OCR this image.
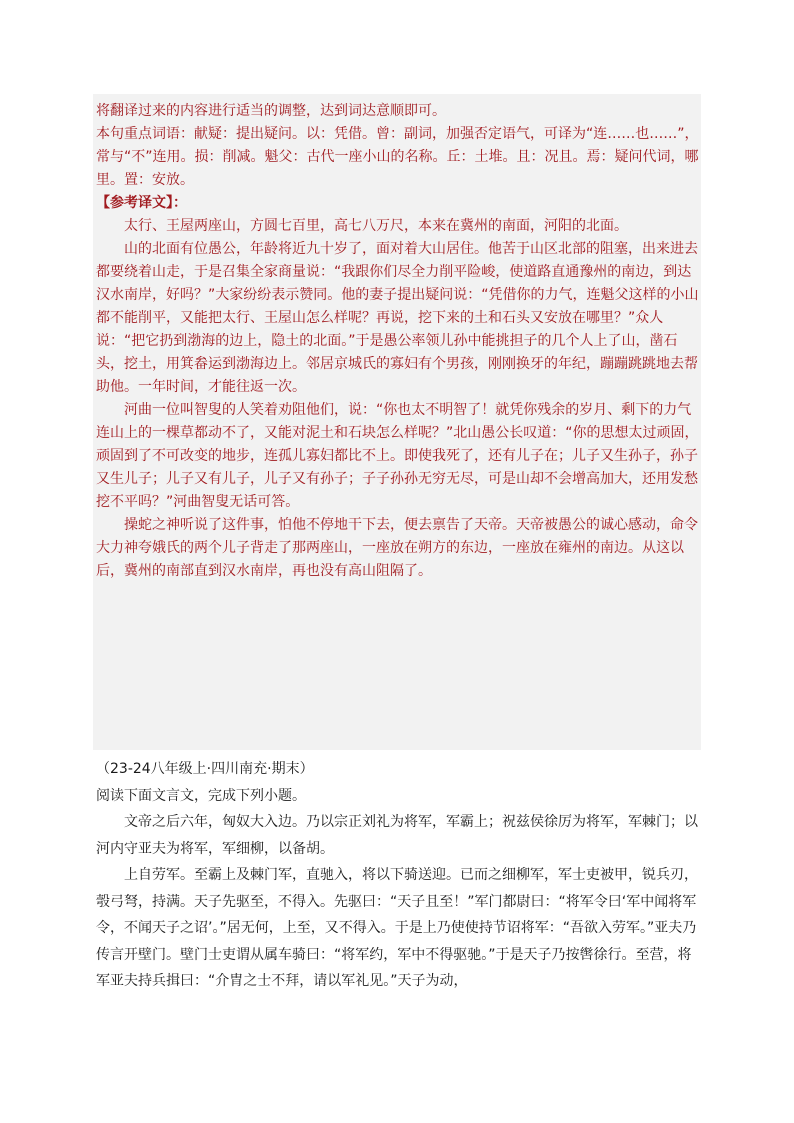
将翻译过来的内容进行适当的调整，达到词达意顺即可。

本句重点词语：献疑：提出疑问。以：凭借。曾：副词，加强否定语气，可译为“连……也……”，常与“不”连用。损：削减。魁父：古代一座小山的名称。丘：土堆。且：况且。焉：疑问代词，哪里。置：安放。

【参考译文】：

太行、王屋两座山，方圆七百里，高七八万尺，本来在冀州的南面，河阳的北面。

山的北面有位愚公，年龄将近九十岁了，面对着大山居住。他苦于山区北部的阻塞，出来进去都要绕着山走，于是召集全家商量说：“我跟你们尽全力削平险峻，使道路直通豫州的南边，到达汉水南岸，好吗？”大家纷纷表示赞同。他的妻子提出疑问说：“凭借你的力气，连魁父这样的小山都不能削平，又能把太行、王屋山怎么样呢？再说，挖下来的土和石头又安放在哪里？”众人说：“把它扔到渤海的边上，隐土的北面。”于是愚公率领儿孙中能挑担子的几个人上了山，凿石头，挖土，用箕畚运到渤海边上。邻居京城氏的寡妇有个男孩，刚刚换牙的年纪，蹦蹦跳跳地去帮助他。一年时间，才能往返一次。

河曲一位叫智叟的人笑着劝阻他们，说：“你也太不明智了！就凭你残余的岁月、剩下的力气连山上的一棵草都动不了，又能对泥土和石块怎么样呢？”北山愚公长叹道：“你的思想太过顽固，顽固到了不可改变的地步，连孤儿寡妇都比不上。即使我死了，还有儿子在；儿子又生孙子，孙子又生儿子；儿子又有儿子，儿子又有孙子；子子孙孙无穷无尽，可是山却不会增高加大，还用发愁挖不平吗？”河曲智叟无话可答。

操蛇之神听说了这件事，怕他不停地干下去，便去禀告了天帝。天帝被愚公的诚心感动，命令大力神夸娥氏的两个儿子背走了那两座山，一座放在朔方的东边，一座放在雍州的南边。从这以后，冀州的南部直到汉水南岸，再也没有高山阻隔了。

（23-24八年级上·四川南充·期末）

阅读下面文言文，完成下列小题。

文帝之后六年，匈奴大入边。乃以宗正刘礼为将军，军霸上；祝兹侯徐厉为将军，军棘门；以河内守亚夫为将军，军细柳，以备胡。

上自劳军。至霸上及棘门军，直驰入，将以下骑送迎。已而之细柳军，军士吏被甲，锐兵刃，彀弓弩，持满。天子先驱至，不得入。先驱曰：“天子且至！”军门都尉曰：“将军令曰‘军中闻将军令，不闻天子之诏’。”居无何，上至，又不得入。于是上乃使使持节诏将军：“吾欲入劳军。”亚夫乃传言开壁门。壁门士吏谓从属车骑曰：“将军约，军中不得驱驰。”于是天子乃按辔徐行。至营，将军亚夫持兵揖曰：“介胄之士不拜，请以军礼见。”天子为动，
